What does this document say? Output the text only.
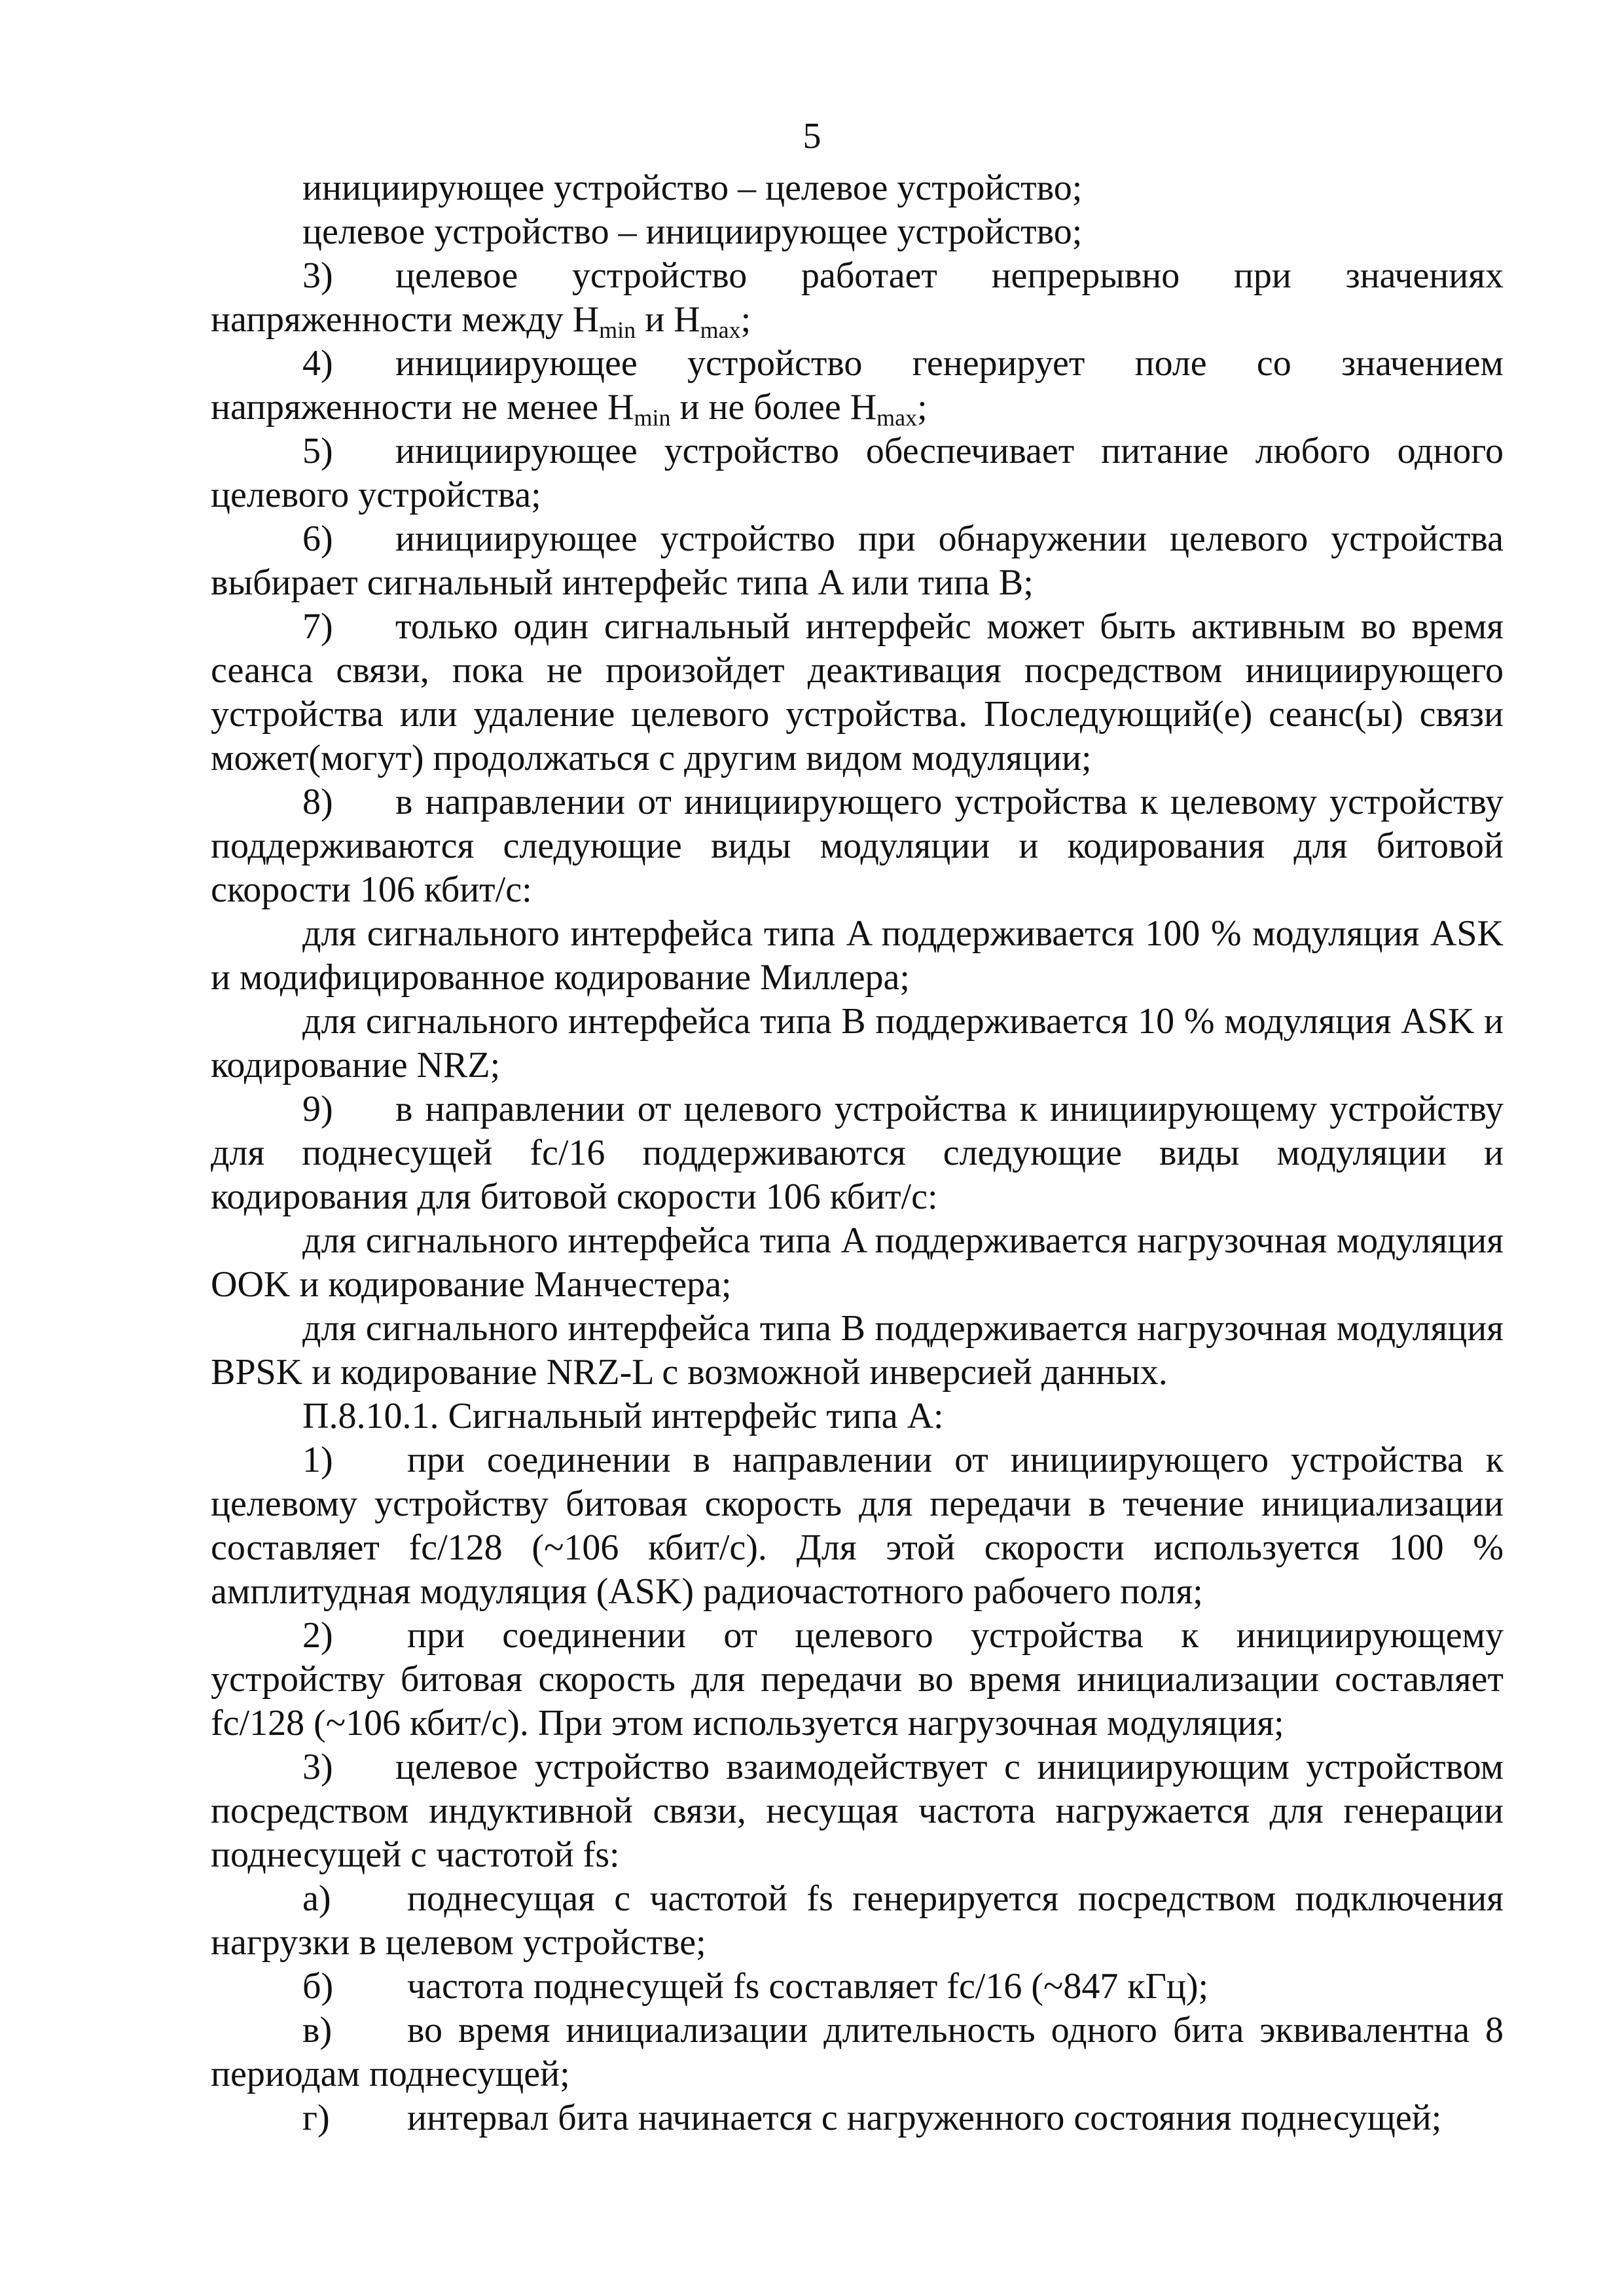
5

инициирующее устройство – целевое устройство;

целевое устройство – инициирующее устройство;

3) целевое устройство работает непрерывно при значениях напряженности между $H_{min}$ и $H_{max}$;

4) инициирующее устройство генерирует поле со значением напряженности не менее $H_{min}$ и не более $H_{max}$;

5) инициирующее устройство обеспечивает питание любого одного целевого устройства;

6) инициирующее устройство при обнаружении целевого устройства выбирает сигнальный интерфейс типа A или типа B;

7) только один сигнальный интерфейс может быть активным во время сеанса связи, пока не произойдет деактивация посредством инициирующего устройства или удаление целевого устройства. Последующий(е) сеанс(ы) связи может(могут) продолжаться с другим видом модуляции;

8) в направлении от инициирующего устройства к целевому устройству поддерживаются следующие виды модуляции и кодирования для битовой скорости 106 кбит/с:

для сигнального интерфейса типа A поддерживается 100 % модуляция ASK и модифицированное кодирование Миллера;

для сигнального интерфейса типа B поддерживается 10 % модуляция ASK и кодирование NRZ;

9) в направлении от целевого устройства к инициирующему устройству для поднесущей fc/16 поддерживаются следующие виды модуляции и кодирования для битовой скорости 106 кбит/с:

для сигнального интерфейса типа A поддерживается нагрузочная модуляция OOK и кодирование Манчестера;

для сигнального интерфейса типа B поддерживается нагрузочная модуляция BPSK и кодирование NRZ-L с возможной инверсией данных.

П.8.10.1. Сигнальный интерфейс типа A:

1) при соединении в направлении от инициирующего устройства к целевому устройству битовая скорость для передачи в течение инициализации составляет fc/128 (~106 кбит/с). Для этой скорости используется 100 % амплитудная модуляция (ASK) радиочастотного рабочего поля;

2) при соединении от целевого устройства к инициирующему устройству битовая скорость для передачи во время инициализации составляет fc/128 (~106 кбит/с). При этом используется нагрузочная модуляция;

3) целевое устройство взаимодействует с инициирующим устройством посредством индуктивной связи, несущая частота нагружается для генерации поднесущей с частотой fs:

а) поднесущая с частотой fs генерируется посредством подключения нагрузки в целевом устройстве;

б) частота поднесущей fs составляет fc/16 (~847 кГц);

в) во время инициализации длительность одного бита эквивалентна 8 периодам поднесущей;

г) интервал бита начинается с нагруженного состояния поднесущей;
